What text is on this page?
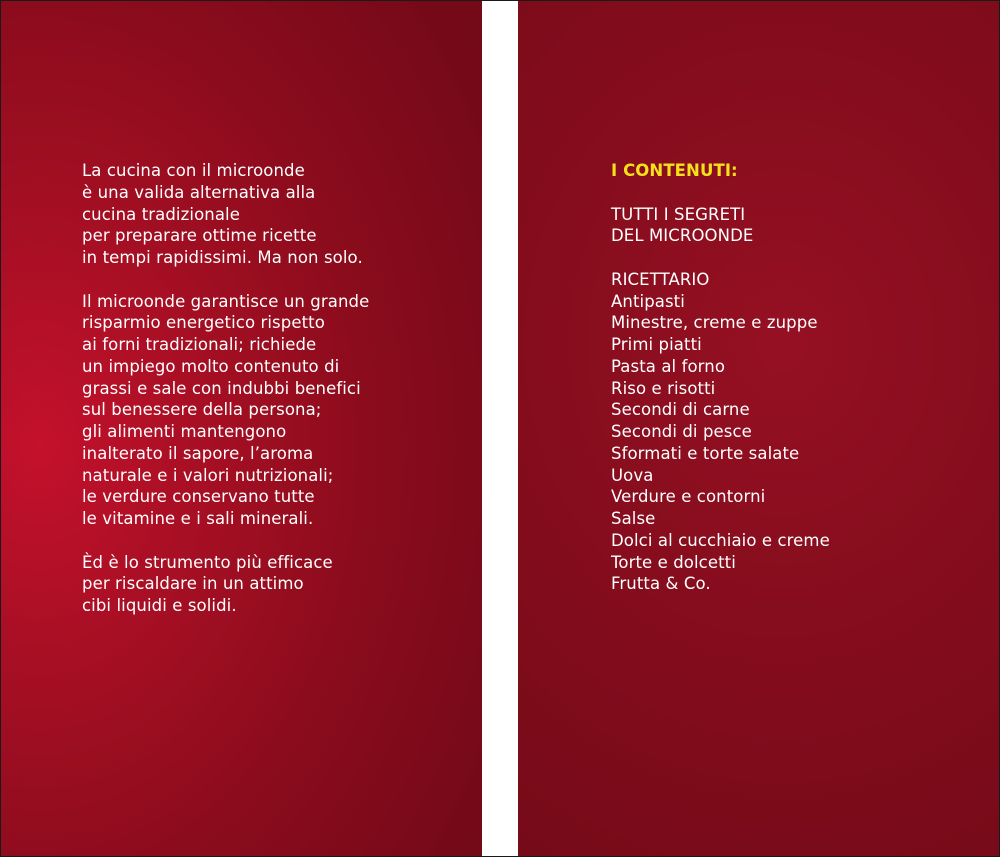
La cucina con il microonde
è una valida alternativa alla
cucina tradizionale
per preparare ottime ricette
in tempi rapidissimi. Ma non solo.
Il microonde garantisce un grande
risparmio energetico rispetto
ai forni tradizionali; richiede
un impiego molto contenuto di
grassi e sale con indubbi benefici
sul benessere della persona;
gli alimenti mantengono
inalterato il sapore, l’aroma
naturale e i valori nutrizionali;
le verdure conservano tutte
le vitamine e i sali minerali.
Èd è lo strumento più efficace
per riscaldare in un attimo
cibi liquidi e solidi.
I CONTENUTI:
TUTTI I SEGRETI
DEL MICROONDE
RICETTARIO
Antipasti
Minestre, creme e zuppe
Primi piatti
Pasta al forno
Riso e risotti
Secondi di carne
Secondi di pesce
Sformati e torte salate
Uova
Verdure e contorni
Salse
Dolci al cucchiaio e creme
Torte e dolcetti
Frutta & Co.
